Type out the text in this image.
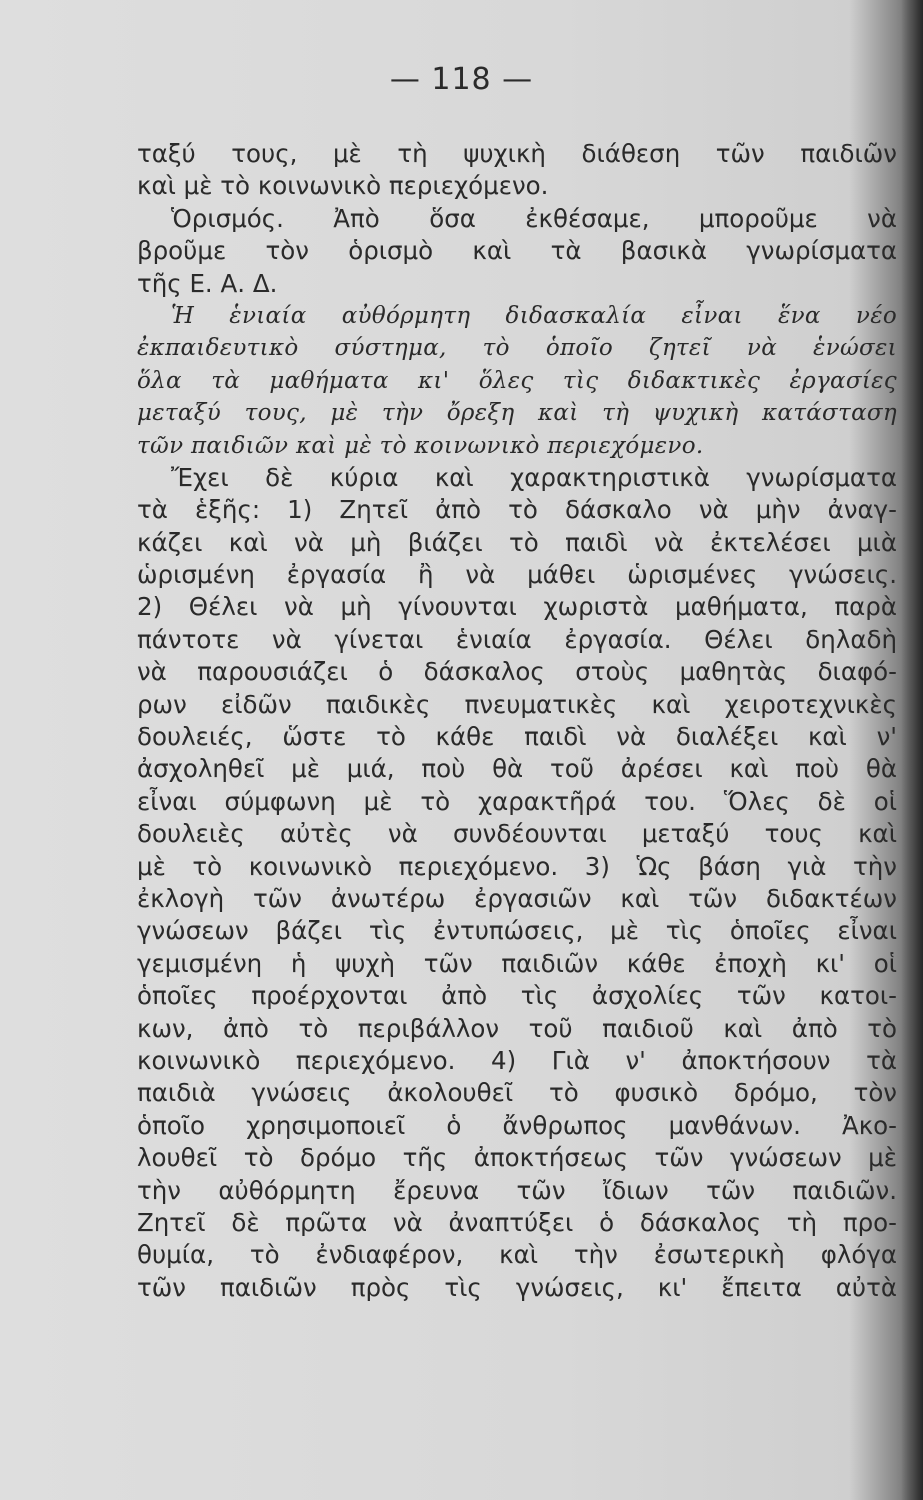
— 118 —
ταξύ τους, μὲ τὴ ψυχικὴ διάθεση τῶν παιδιῶν
καὶ μὲ τὸ κοινωνικὸ περιεχόμενο.
Ὁρισμός. Ἀπὸ ὅσα ἐκθέσαμε, μποροῦμε νὰ
βροῦμε τὸν ὁρισμὸ καὶ τὰ βασικὰ γνωρίσματα
τῆς Ε. Α. Δ.
Ἡ ἑνιαία αὐθόρμητη διδασκαλία εἶναι ἕνα νέο
ἐκπαιδευτικὸ σύστημα, τὸ ὁποῖο ζητεῖ νὰ ἑνώσει
ὅλα τὰ μαθήματα κι' ὅλες τὶς διδακτικὲς ἐργασίες
μεταξύ τους, μὲ τὴν ὄρεξη καὶ τὴ ψυχικὴ κατάσταση
τῶν παιδιῶν καὶ μὲ τὸ κοινωνικὸ περιεχόμενο.
Ἔχει δὲ κύρια καὶ χαρακτηριστικὰ γνωρίσματα
τὰ ἑξῆς: 1) Ζητεῖ ἀπὸ τὸ δάσκαλο νὰ μὴν ἀναγ-
κάζει καὶ νὰ μὴ βιάζει τὸ παιδὶ νὰ ἐκτελέσει μιὰ
ὡρισμένη ἐργασία ἢ νὰ μάθει ὡρισμένες γνώσεις.
2) Θέλει νὰ μὴ γίνουνται χωριστὰ μαθήματα, παρὰ
πάντοτε νὰ γίνεται ἑνιαία ἐργασία. Θέλει δηλαδὴ
νὰ παρουσιάζει ὁ δάσκαλος στοὺς μαθητὰς διαφό-
ρων εἰδῶν παιδικὲς πνευματικὲς καὶ χειροτεχνικὲς
δουλειές, ὥστε τὸ κάθε παιδὶ νὰ διαλέξει καὶ ν'
ἀσχοληθεῖ μὲ μιά, ποὺ θὰ τοῦ ἀρέσει καὶ ποὺ θὰ
εἶναι σύμφωνη μὲ τὸ χαρακτῆρά του. Ὅλες δὲ οἱ
δουλειὲς αὐτὲς νὰ συνδέουνται μεταξύ τους καὶ
μὲ τὸ κοινωνικὸ περιεχόμενο. 3) Ὡς βάση γιὰ τὴν
ἐκλογὴ τῶν ἀνωτέρω ἐργασιῶν καὶ τῶν διδακτέων
γνώσεων βάζει τὶς ἐντυπώσεις, μὲ τὶς ὁποῖες εἶναι
γεμισμένη ἡ ψυχὴ τῶν παιδιῶν κάθε ἐποχὴ κι' οἱ
ὁποῖες προέρχονται ἀπὸ τὶς ἀσχολίες τῶν κατοι-
κων, ἀπὸ τὸ περιβάλλον τοῦ παιδιοῦ καὶ ἀπὸ τὸ
κοινωνικὸ περιεχόμενο. 4) Γιὰ ν' ἀποκτήσουν τὰ
παιδιὰ γνώσεις ἀκολουθεῖ τὸ φυσικὸ δρόμο, τὸν
ὁποῖο χρησιμοποιεῖ ὁ ἄνθρωπος μανθάνων. Ἀκο-
λουθεῖ τὸ δρόμο τῆς ἀποκτήσεως τῶν γνώσεων μὲ
τὴν αὐθόρμητη ἔρευνα τῶν ἴδιων τῶν παιδιῶν.
Ζητεῖ δὲ πρῶτα νὰ ἀναπτύξει ὁ δάσκαλος τὴ προ-
θυμία, τὸ ἐνδιαφέρον, καὶ τὴν ἐσωτερικὴ φλόγα
τῶν παιδιῶν πρὸς τὶς γνώσεις, κι' ἔπειτα αὐτὰ
